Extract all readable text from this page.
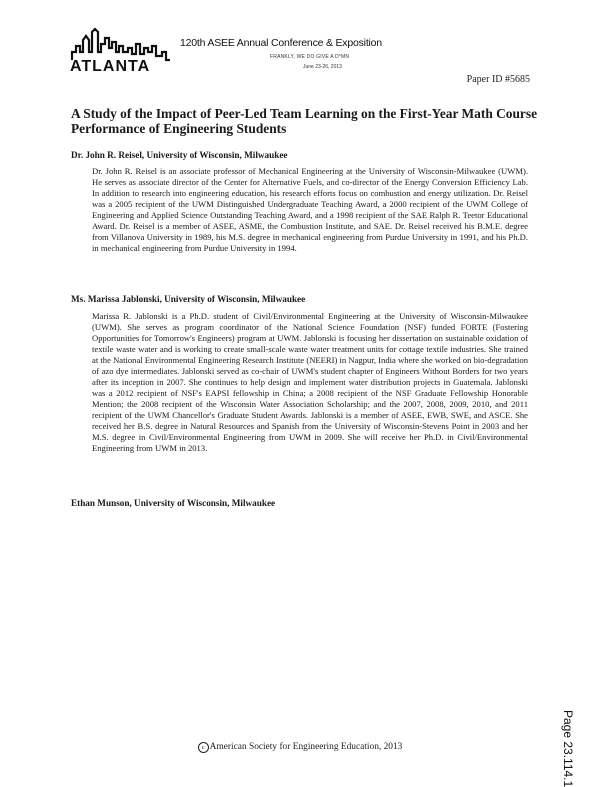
ATLANTA
120th ASEE Annual Conference & Exposition
FRANKLY, WE DO GIVE A D*MN
June 23-26, 2013
Paper ID #5685
A Study of the Impact of Peer-Led Team Learning on the First-Year Math Course Performance of Engineering Students
Dr. John R. Reisel, University of Wisconsin, Milwaukee

Dr. John R. Reisel is an associate professor of Mechanical Engineering at the University of Wisconsin-Milwaukee (UWM). He serves as associate director of the Center for Alternative Fuels, and co-director of the Energy Conversion Efficiency Lab. In addition to research into engineering education, his research efforts focus on combustion and energy utilization. Dr. Reisel was a 2005 recipient of the UWM Distinguished Undergraduate Teaching Award, a 2000 recipient of the UWM College of Engineering and Applied Science Outstanding Teaching Award, and a 1998 recipient of the SAE Ralph R. Teetor Educational Award. Dr. Reisel is a member of ASEE, ASME, the Combustion Institute, and SAE. Dr. Reisel received his B.M.E. degree from Villanova University in 1989, his M.S. degree in mechanical engineering from Purdue University in 1991, and his Ph.D. in mechanical engineering from Purdue University in 1994.

Ms. Marissa Jablonski, University of Wisconsin, Milwaukee

Marissa R. Jablonski is a Ph.D. student of Civil/Environmental Engineering at the University of Wisconsin-Milwaukee (UWM). She serves as program coordinator of the National Science Foundation (NSF) funded FORTE (Fostering Opportunities for Tomorrow's Engineers) program at UWM. Jablonski is focusing her dissertation on sustainable oxidation of textile waste water and is working to create small-scale waste water treatment units for cottage textile industries. She trained at the National Environmental Engineering Research Institute (NEERI) in Nagpur, India where she worked on bio-degradation of azo dye intermediates. Jablonski served as co-chair of UWM's student chapter of Engineers Without Borders for two years after its inception in 2007. She continues to help design and implement water distribution projects in Guatemala. Jablonski was a 2012 recipient of NSF's EAPSI fellowship in China; a 2008 recipient of the NSF Graduate Fellowship Honorable Mention; the 2008 recipient of the Wisconsin Water Association Scholarship; and the 2007, 2008, 2009, 2010, and 2011 recipient of the UWM Chancellor's Graduate Student Awards. Jablonski is a member of ASEE, EWB, SWE, and ASCE. She received her B.S. degree in Natural Resources and Spanish from the University of Wisconsin-Stevens Point in 2003 and her M.S. degree in Civil/Environmental Engineering from UWM in 2009. She will receive her Ph.D. in Civil/Environmental Engineering from UWM in 2013.

Ethan Munson, University of Wisconsin, Milwaukee
Page 23.114.1
c American Society for Engineering Education, 2013
